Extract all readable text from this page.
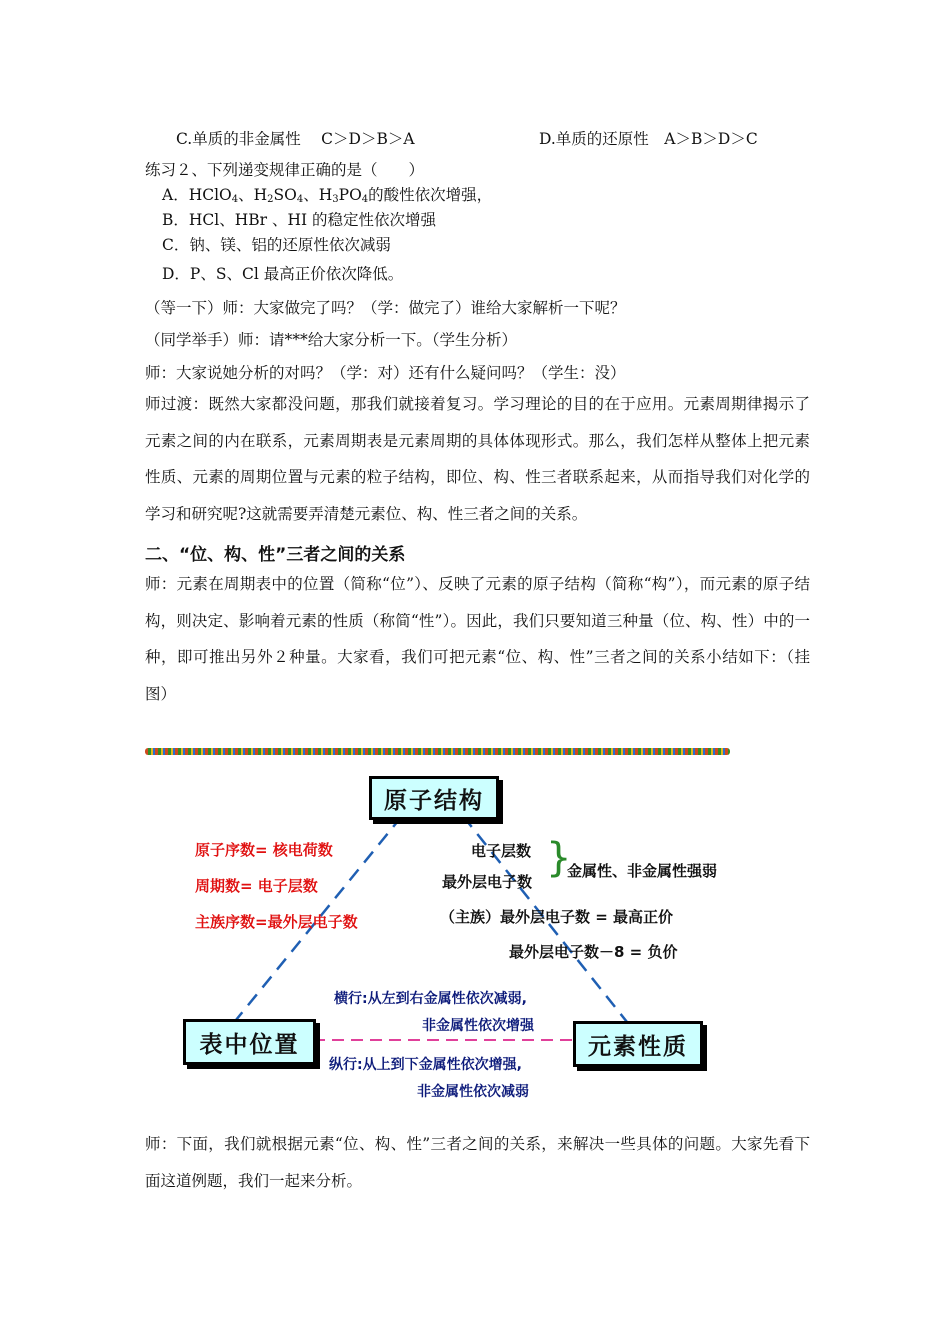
C.单质的非金属性　 C＞D＞B＞A	D.单质的还原性　A＞B＞D＞C
练习２、下列递变规律正确的是（　　）
A．HClO$_4$、$H_2SO_4$、$H_3PO_4$的酸性依次增强，
B．HCl、HBr 、HI 的稳定性依次增强
C．钠、镁、铝的还原性依次减弱
D．P、S、Cl 最高正价依次降低。
（等一下）师：大家做完了吗？（学：做完了）谁给大家解析一下呢？
（同学举手）师：请***给大家分析一下。（学生分析）
师：大家说她分析的对吗？（学：对）还有什么疑问吗？（学生：没）
师过渡：既然大家都没问题，那我们就接着复习。学习理论的目的在于应用。元素周期律揭示了元素之间的内在联系，元素周期表是元素周期的具体体现形式。那么，我们怎样从整体上把元素性质、元素的周期位置与元素的粒子结构，即位、构、性三者联系起来，从而指导我们对化学的学习和研究呢?这就需要弄清楚元素位、构、性三者之间的关系。
二、“位、构、性”三者之间的关系
师：元素在周期表中的位置（简称“位”）、反映了元素的原子结构（简称“构”），而元素的原子结构，则决定、影响着元素的性质（称简“性”）。因此，我们只要知道三种量（位、构、性）中的一种，即可推出另外２种量。大家看，我们可把元素“位、构、性”三者之间的关系小结如下：（挂图）
原子结构
表中位置	元素性质
原子序数= 核电荷数
周期数= 电子层数
主族序数=最外层电子数
电子层数
最外层电子数
}
金属性、非金属性强弱
（主族）最外层电子数 = 最高正价
最外层电子数－8 = 负价
横行:从左到右金属性依次减弱,
非金属性依次增强
纵行:从上到下金属性依次增强,
非金属性依次减弱
师：下面，我们就根据元素“位、构、性”三者之间的关系，来解决一些具体的问题。大家先看下面这道例题，我们一起来分析。
